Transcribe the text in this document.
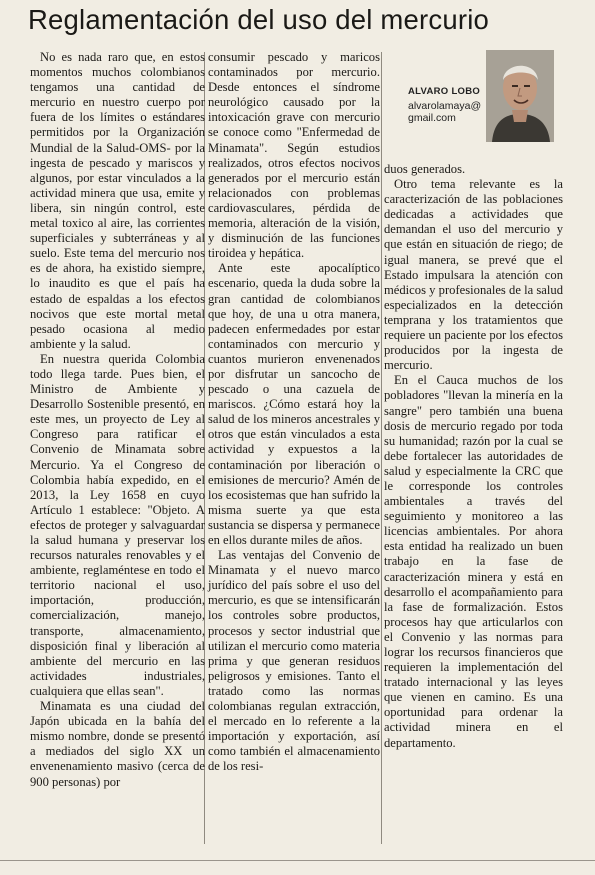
Reglamentación del uso del mercurio

No es nada raro que, en estos momentos muchos colombianos tengamos una cantidad de mercurio en nuestro cuerpo por fuera de los límites o estándares permitidos por la Organización Mundial de la Salud-OMS- por la ingesta de pescado y mariscos y algunos, por estar vinculados a la actividad minera que usa, emite y libera, sin ningún control, este metal toxico al aire, las corrientes superficiales y subterráneas y al suelo. Este tema del mercurio nos es de ahora, ha existido siempre, lo inaudito es que el país ha estado de espaldas a los efectos nocivos que este mortal metal pesado ocasiona al medio ambiente y la salud.

En nuestra querida Colombia todo llega tarde. Pues bien, el Ministro de Ambiente y Desarrollo Sostenible presentó, en este mes, un proyecto de Ley al Congreso para ratificar el Convenio de Minamata sobre Mercurio. Ya el Congreso de Colombia había expedido, en el 2013, la Ley 1658 en cuyo Artículo 1 establece: "Objeto. A efectos de proteger y salvaguardar la salud humana y preservar los recursos naturales renovables y el ambiente, reglaméntese en todo el territorio nacional el uso, importación, producción, comercialización, manejo, transporte, almacenamiento, disposición final y liberación al ambiente del mercurio en las actividades industriales, cualquiera que ellas sean".

Minamata es una ciudad del Japón ubicada en la bahía del mismo nombre, donde se presentó a mediados del siglo XX un envenenamiento masivo (cerca de 900 personas) por

consumir pescado y maricos contaminados por mercurio. Desde entonces el síndrome neurológico causado por la intoxicación grave con mercurio se conoce como "Enfermedad de Minamata". Según estudios realizados, otros efectos nocivos generados por el mercurio están relacionados con problemas cardiovasculares, pérdida de memoria, alteración de la visión, y disminución de las funciones tiroidea y hepática.

Ante este apocalíptico escenario, queda la duda sobre la gran cantidad de colombianos que hoy, de una u otra manera, padecen enfermedades por estar contaminados con mercurio y cuantos murieron envenenados por disfrutar un sancocho de pescado o una cazuela de mariscos. ¿Cómo estará hoy la salud de los mineros ancestrales y otros que están vinculados a esta actividad y expuestos a la contaminación por liberación o emisiones de mercurio? Amén de los ecosistemas que han sufrido la misma suerte ya que esta sustancia se dispersa y permanece en ellos durante miles de años.

Las ventajas del Convenio de Minamata y el nuevo marco jurídico del país sobre el uso del mercurio, es que se intensificarán los controles sobre productos, procesos y sector industrial que utilizan el mercurio como materia prima y que generan residuos peligrosos y emisiones. Tanto el tratado como las normas colombianas regulan extracción, el mercado en lo referente a la importación y exportación, así como también el almacenamiento de los resi-

ALVARO LOBO
alvarolamaya@
gmail.com

duos generados.

Otro tema relevante es la caracterización de las poblaciones dedicadas a actividades que demandan el uso del mercurio y que están en situación de riego; de igual manera, se prevé que el Estado impulsara la atención con médicos y profesionales de la salud especializados en la detección temprana y los tratamientos que requiere un paciente por los efectos producidos por la ingesta de mercurio.

En el Cauca muchos de los pobladores "llevan la minería en la sangre" pero también una buena dosis de mercurio regado por toda su humanidad; razón por la cual se debe fortalecer las autoridades de salud y especialmente la CRC que le corresponde los controles ambientales a través del seguimiento y monitoreo a las licencias ambientales. Por ahora esta entidad ha realizado un buen trabajo en la fase de caracterización minera y está en desarrollo el acompañamiento para la fase de formalización. Estos procesos hay que articularlos con el Convenio y las normas para lograr los recursos financieros que requieren la implementación del tratado internacional y las leyes que vienen en camino. Es una oportunidad para ordenar la actividad minera en el departamento.
